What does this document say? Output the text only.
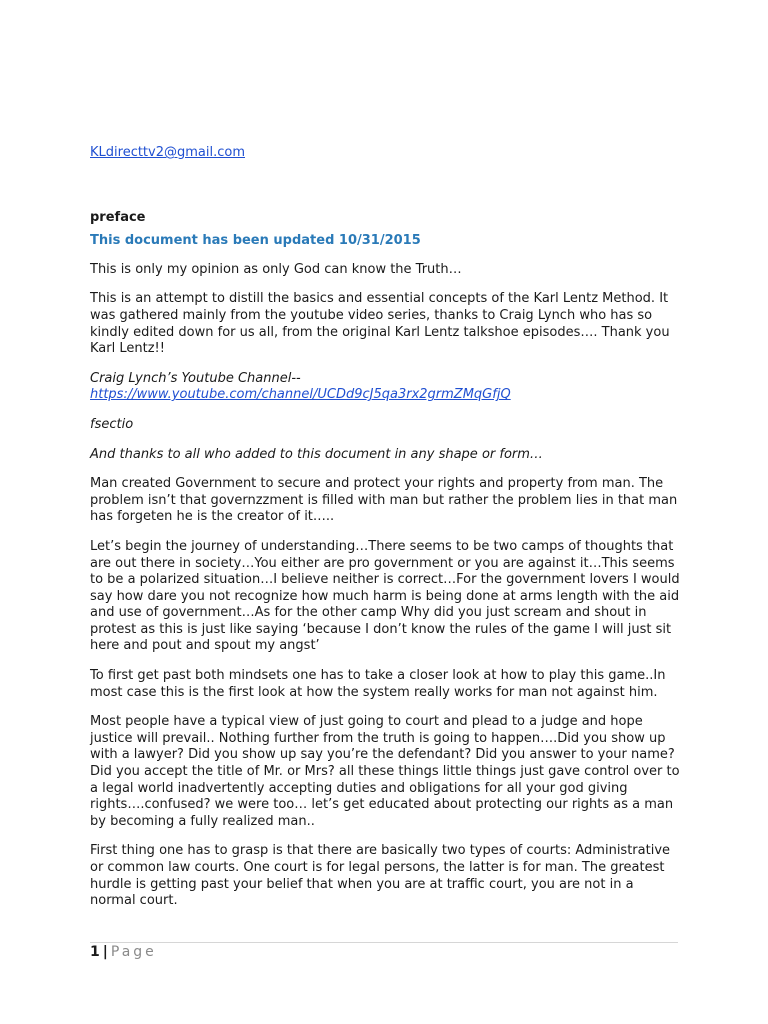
KLdirecttv2@gmail.com

preface

This document has been updated 10/31/2015

This is only my opinion as only God can know the Truth…

This is an attempt to distill the basics and essential concepts of the Karl Lentz Method. It was gathered mainly from the youtube video series, thanks to Craig Lynch who has so kindly edited down for us all, from the original Karl Lentz talkshoe episodes…. Thank you Karl Lentz!!

Craig Lynch’s Youtube Channel--
https://www.youtube.com/channel/UCDd9cJ5qa3rx2grmZMqGfjQ

fsectio

And thanks to all who added to this document in any shape or form…

Man created Government to secure and protect your rights and property from man. The problem isn’t that governzzment is filled with man but rather the problem lies in that man has forgeten he is the creator of it…..

Let’s begin the journey of understanding…There seems to be two camps of thoughts that are out there in society…You either are pro government or you are against it…This seems to be a polarized situation…I believe neither is correct…For the government lovers I would say how dare you not recognize how much harm is being done at arms length with the aid and use of government…As for the other camp Why did you just scream and shout in protest as this is just like saying ‘because I don’t know the rules of the game I will just sit here and pout and spout my angst’

To first get past both mindsets one has to take a closer look at how to play this game..In most case this is the first look at how the system really works for man not against him.

Most people have a typical view of just going to court and plead to a judge and hope justice will prevail.. Nothing further from the truth is going to happen….Did you show up with a lawyer? Did you show up say you’re the defendant? Did you answer to your name? Did you accept the title of Mr. or Mrs? all these things little things just gave control over to a legal world inadvertently accepting duties and obligations for all your god giving rights….confused? we were too… let’s get educated about protecting our rights as a man by becoming a fully realized man..

First thing one has to grasp is that there are basically two types of courts: Administrative or common law courts. One court is for legal persons, the latter is for man. The greatest hurdle is getting past your belief that when you are at traffic court, you are not in a normal court.

1 | Page
